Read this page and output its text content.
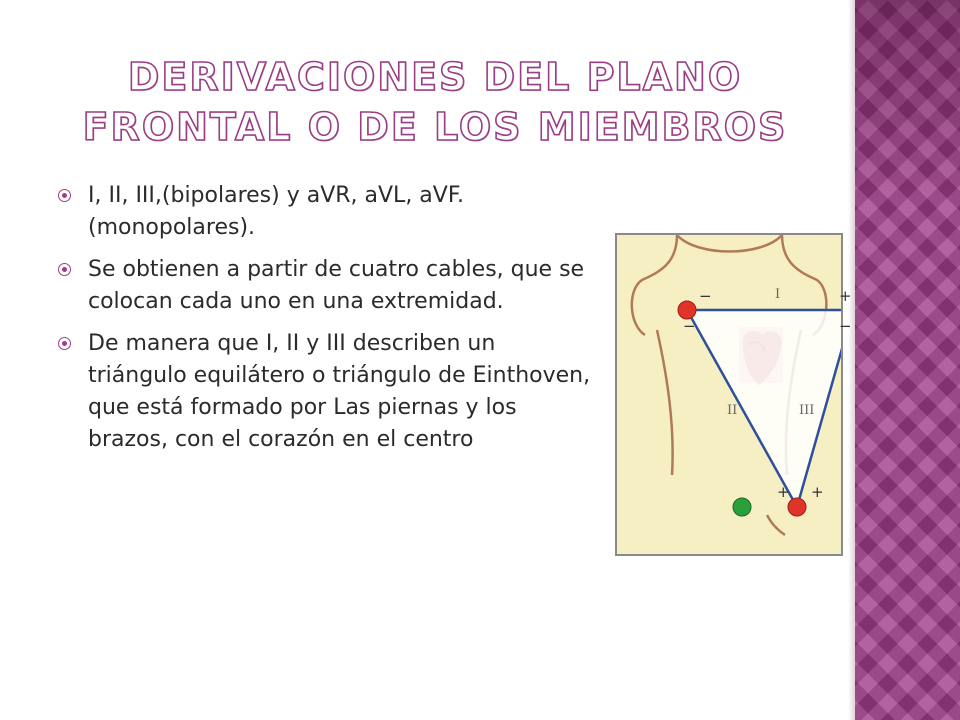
DERIVACIONES DEL PLANO FRONTAL O DE LOS MIEMBROS
I, II, III,(bipolares) y aVR, aVL, aVF.(monopolares).
Se obtienen a partir de cuatro cables, que se colocan cada uno en una extremidad.
De manera que I, II y III describen un triángulo equilátero o triángulo de Einthoven, que está formado por Las piernas y los brazos, con el corazón en el centro
I
II	III
−	+
−	−
+ +
